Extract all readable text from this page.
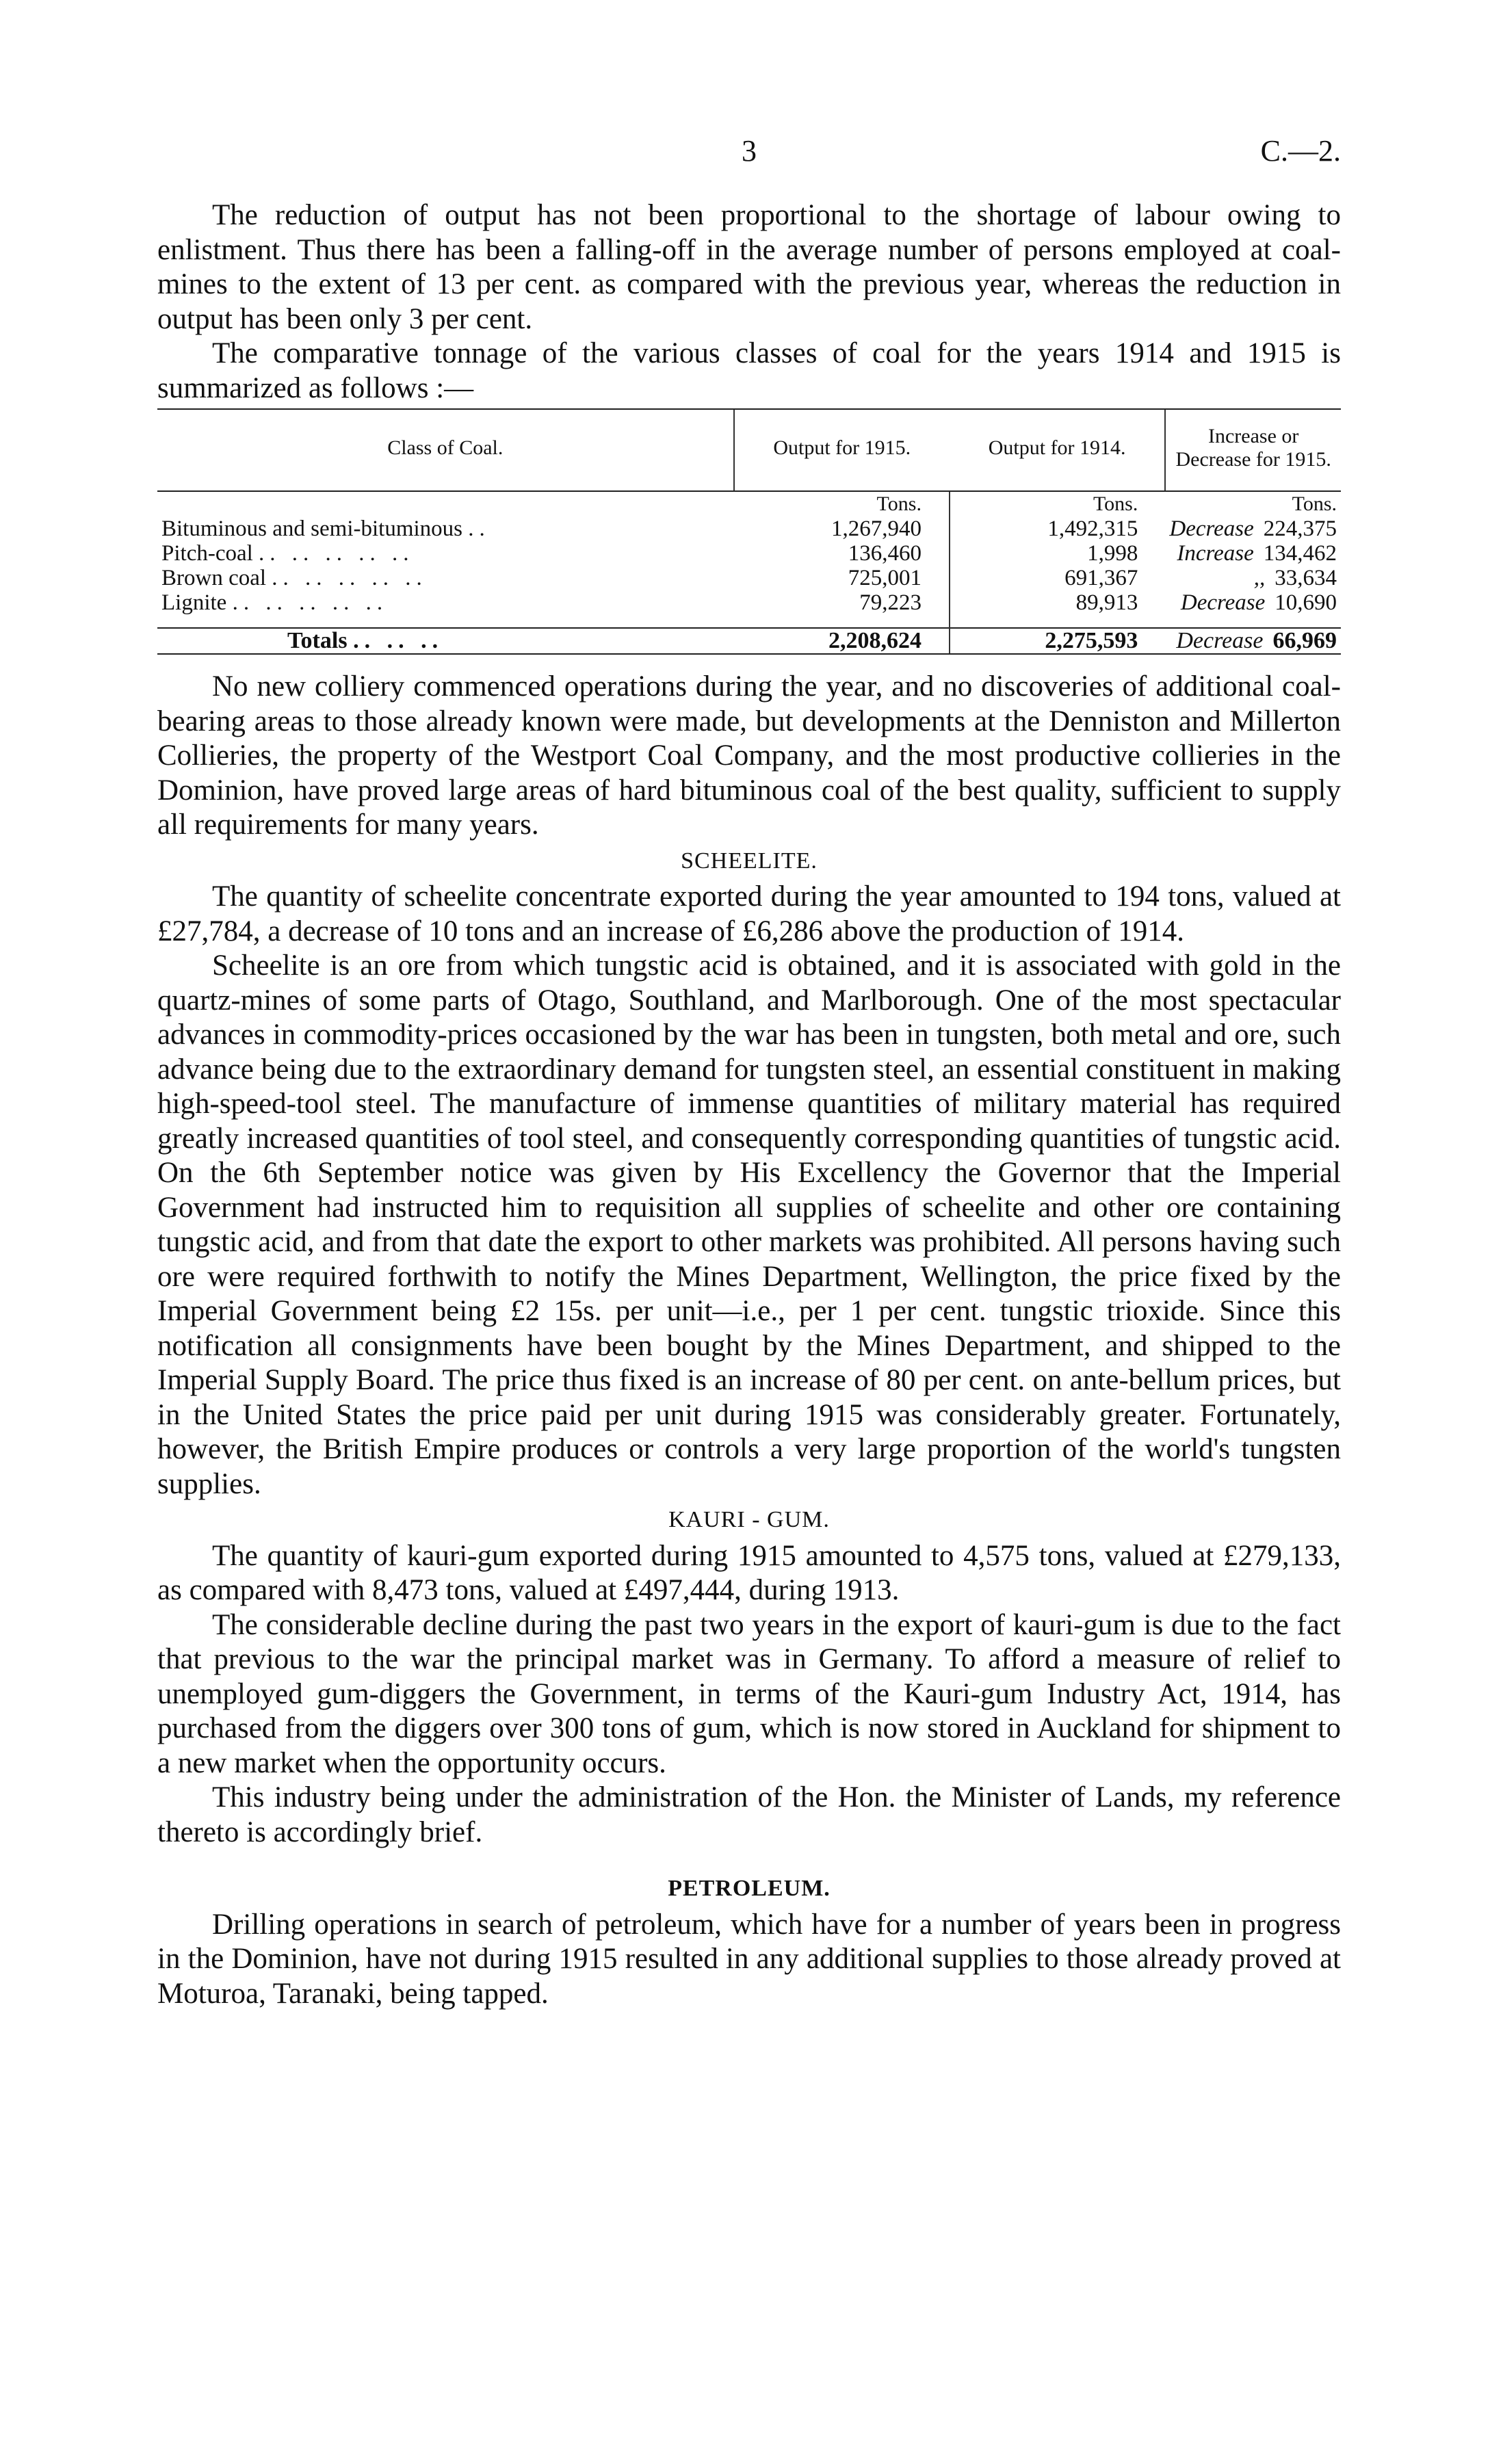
3	C.—2.

The reduction of output has not been proportional to the shortage of labour owing to enlistment. Thus there has been a falling-off in the average number of persons employed at coal-mines to the extent of 13 per cent. as compared with the previous year, whereas the reduction in output has been only 3 per cent.

The comparative tonnage of the various classes of coal for the years 1914 and 1915 is summarized as follows :—

Class of Coal.	Output for 1915.	Output for 1914.	Increase or Decrease for 1915.
	Tons.	Tons.	Tons.
Bituminous and semi-bituminous ..	1,267,940	1,492,315	Decrease 224,375
Pitch-coal .. .. .. .. ..	136,460	1,998	Increase 134,462
Brown coal .. .. .. .. ..	725,001	691,367	,, 33,634
Lignite .. .. .. .. ..	79,223	89,913	Decrease 10,690
Totals .. .. ..	2,208,624	2,275,593	Decrease 66,969

No new colliery commenced operations during the year, and no discoveries of additional coal-bearing areas to those already known were made, but developments at the Denniston and Millerton Collieries, the property of the Westport Coal Company, and the most productive collieries in the Dominion, have proved large areas of hard bituminous coal of the best quality, sufficient to supply all requirements for many years.

SCHEELITE.

The quantity of scheelite concentrate exported during the year amounted to 194 tons, valued at £27,784, a decrease of 10 tons and an increase of £6,286 above the production of 1914.

Scheelite is an ore from which tungstic acid is obtained, and it is associated with gold in the quartz-mines of some parts of Otago, Southland, and Marlborough. One of the most spectacular advances in commodity-prices occasioned by the war has been in tungsten, both metal and ore, such advance being due to the extraordinary demand for tungsten steel, an essential constituent in making high-speed-tool steel. The manufacture of immense quantities of military material has required greatly increased quantities of tool steel, and consequently corresponding quantities of tungstic acid. On the 6th September notice was given by His Excellency the Governor that the Imperial Government had instructed him to requisition all supplies of scheelite and other ore containing tungstic acid, and from that date the export to other markets was prohibited. All persons having such ore were required forthwith to notify the Mines Department, Wellington, the price fixed by the Imperial Government being £2 15s. per unit—i.e., per 1 per cent. tungstic trioxide. Since this notification all consignments have been bought by the Mines Department, and shipped to the Imperial Supply Board. The price thus fixed is an increase of 80 per cent. on ante-bellum prices, but in the United States the price paid per unit during 1915 was considerably greater. Fortunately, however, the British Empire produces or controls a very large proportion of the world's tungsten supplies.

KAURI - GUM.

The quantity of kauri-gum exported during 1915 amounted to 4,575 tons, valued at £279,133, as compared with 8,473 tons, valued at £497,444, during 1913.

The considerable decline during the past two years in the export of kauri-gum is due to the fact that previous to the war the principal market was in Germany. To afford a measure of relief to unemployed gum-diggers the Government, in terms of the Kauri-gum Industry Act, 1914, has purchased from the diggers over 300 tons of gum, which is now stored in Auckland for shipment to a new market when the opportunity occurs.

This industry being under the administration of the Hon. the Minister of Lands, my reference thereto is accordingly brief.

PETROLEUM.

Drilling operations in search of petroleum, which have for a number of years been in progress in the Dominion, have not during 1915 resulted in any additional supplies to those already proved at Moturoa, Taranaki, being tapped.
